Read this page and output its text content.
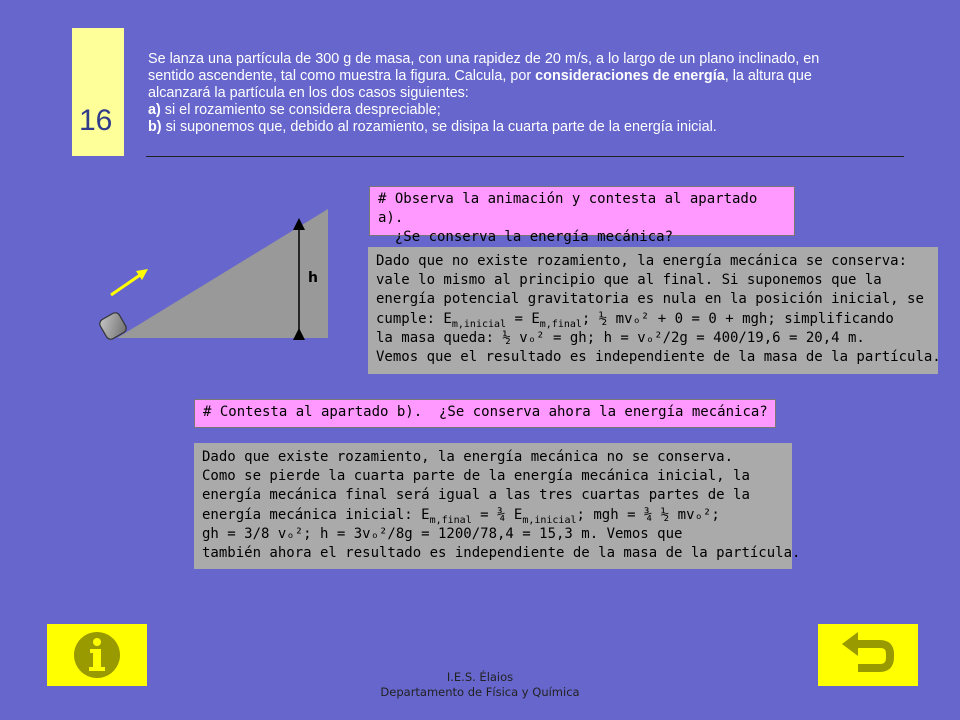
16

Se lanza una partícula de 300 g de masa, con una rapidez de 20 m/s, a lo largo de un plano inclinado, en

sentido ascendente, tal como muestra la figura. Calcula, por consideraciones de energía, la altura que

alcanzará la partícula en los dos casos siguientes:

a) si el rozamiento se considera despreciable;

b) si suponemos que, debido al rozamiento, se disipa la cuarta parte de la energía inicial.

h
# Observa la animación y contesta al apartado a).
¿Se conserva la energía mecánica?

Dado que no existe rozamiento, la energía mecánica se conserva:

vale lo mismo al principio que al final. Si suponemos que la

energía potencial gravitatoria es nula en la posición inicial, se

cumple: $E_{m,inicial} = E_{m,final}$; ½ mvₒ² + 0 = 0 + mgh; simplificando

la masa queda: ½ vₒ² = gh; h = vₒ²/2g = 400/19,6 = 20,4 m.

Vemos que el resultado es independiente de la masa de la partícula.

# Contesta al apartado b).  ¿Se conserva ahora la energía mecánica?

Dado que existe rozamiento, la energía mecánica no se conserva.

Como se pierde la cuarta parte de la energía mecánica inicial, la

energía mecánica final será igual a las tres cuartas partes de la

energía mecánica inicial: $E_{m,final}$ = ¾ $E_{m,inicial}$; mgh = ¾ ½ mvₒ²;

gh = 3/8 vₒ²; h = 3vₒ²/8g = 1200/78,4 = 15,3 m. Vemos que

también ahora el resultado es independiente de la masa de la partícula.

I.E.S. Élaios
Departamento de Física y Química
